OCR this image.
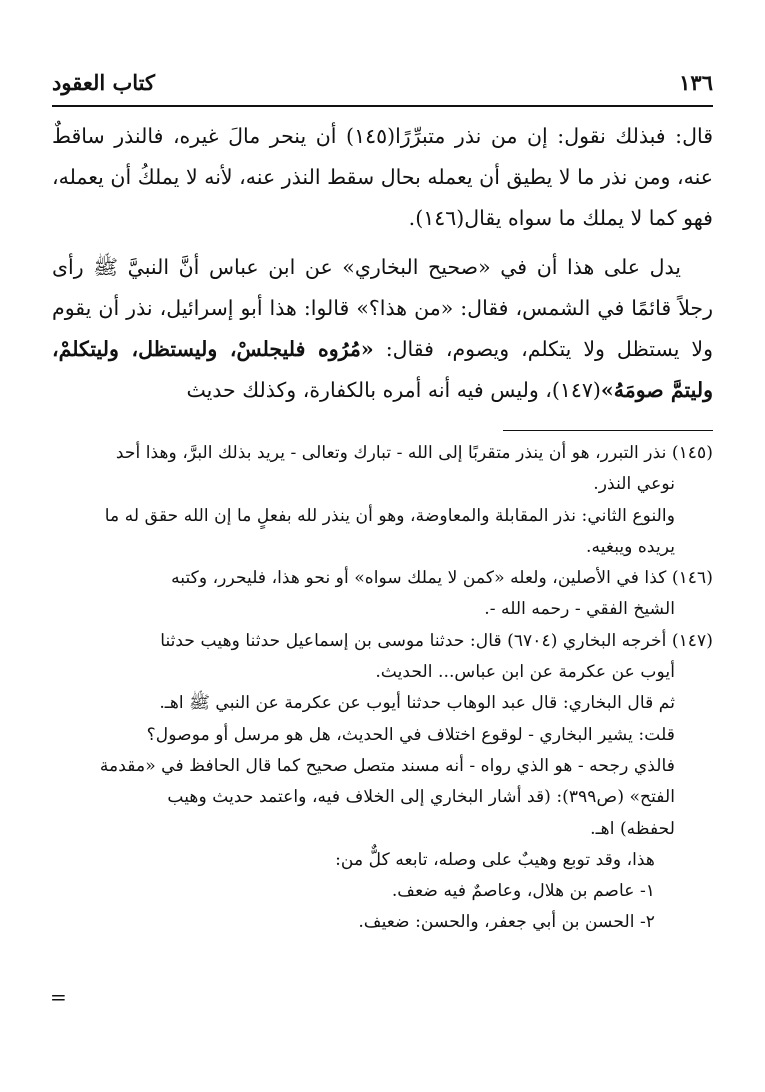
١٣٦
كتاب العقود

قال: فبذلك نقول: إن من نذر متبرِّرًا(١٤٥) أن ينحر مالَ غيره، فالنذر ساقطٌ عنه، ومن نذر ما لا يطيق أن يعمله بحال سقط النذر عنه، لأنه لا يملكُ أن يعمله، فهو كما لا يملك ما سواه يقال(١٤٦).

يدل على هذا أن في «صحيح البخاري» عن ابن عباس أنَّ النبيَّ ﷺ رأى رجلاً قائمًا في الشمس، فقال: «من هذا؟» قالوا: هذا أبو إسرائيل، نذر أن يقوم ولا يستظل ولا يتكلم، ويصوم، فقال: «مُرُوه فليجلسْ، وليستظل، وليتكلمْ، وليتمَّ صومَهُ»(١٤٧)، وليس فيه أنه أمره بالكفارة، وكذلك حديث

(١٤٥) نذر التبرر، هو أن ينذر متقربًا إلى الله - تبارك وتعالى - يريد بذلك البرَّ، وهذا أحد

نوعي النذر.

والنوع الثاني: نذر المقابلة والمعاوضة، وهو أن ينذر لله بفعلٍ ما إن الله حقق له ما

يريده ويبغيه.

(١٤٦) كذا في الأصلين، ولعله «كمن لا يملك سواه» أو نحو هذا، فليحرر، وكتبه

الشيخ الفقي - رحمه الله -.

(١٤٧) أخرجه البخاري (٦٧٠٤) قال: حدثنا موسى بن إسماعيل حدثنا وهيب حدثنا

أيوب عن عكرمة عن ابن عباس... الحديث.

ثم قال البخاري: قال عبد الوهاب حدثنا أيوب عن عكرمة عن النبي ﷺ اهـ.

قلت: يشير البخاري - لوقوع اختلاف في الحديث، هل هو مرسل أو موصول؟

فالذي رجحه - هو الذي رواه - أنه مسند متصل صحيح كما قال الحافظ في «مقدمة

الفتح» (ص٣٩٩): (قد أشار البخاري إلى الخلاف فيه، واعتمد حديث وهيب

لحفظه) اهـ.

هذا، وقد توبع وهيبٌ على وصله، تابعه كلٌّ من:

١- عاصم بن هلال، وعاصمٌ فيه ضعف.

٢- الحسن بن أبي جعفر، والحسن: ضعيف.

=
